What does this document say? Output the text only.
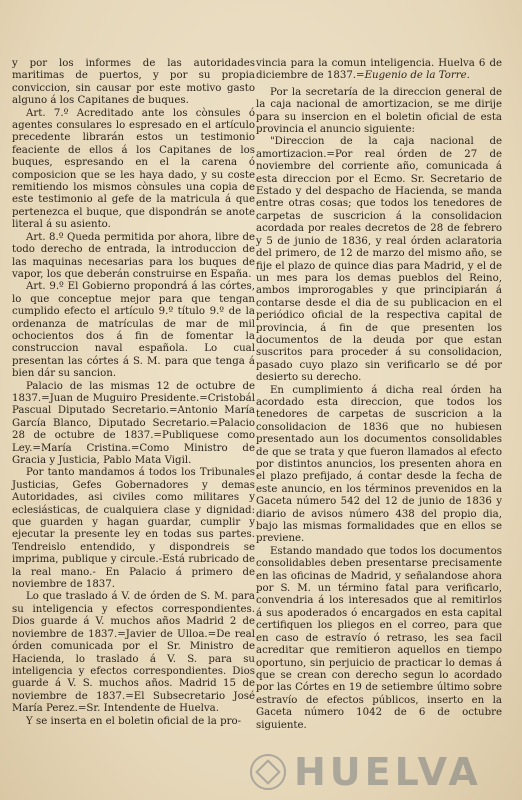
y por los informes de las autoridades maritimas de puertos, y por su propia conviccion, sin causar por este motivo gasto alguno á los Capitanes de buques.

Art. 7.º Acreditado ante los cònsules ó agentes consulares lo espresado en el artículo precedente librarán estos un testimonio feaciente de ellos á los Capitanes de los buques, espresando en el la carena ó composicion que se les haya dado, y su coste remitiendo los mismos cònsules una copia de este testimonio al gefe de la matricula á que pertenezca el buque, que dispondrán se anote literal á su asiento.

Art. 8.º Queda permitida por ahora, libre de todo derecho de entrada, la introduccion de las maquinas necesarias para los buques de vapor, los que deberán construirse en España.

Art. 9.º El Gobierno propondrá á las córtes, lo que conceptue mejor para que tengan cumplido efecto el artículo 9.º título 9.º de la ordenanza de matrículas de mar de mil ochocientos dos á fin de fomentar la construccion naval española. Lo cual presentan las córtes á S. M. para que tenga á bien dár su sancion.

Palacio de las mismas 12 de octubre de 1837.=Juan de Muguiro Presidente.=Cristobál Pascual Diputado Secretario.=Antonio María García Blanco, Diputado Secretario.=Palacio 28 de octubre de 1837.=Publiquese como Ley.=María Cristina.=Como Ministro de Gracia y Justicia, Pablo Mata Vigil.

Por tanto mandamos á todos los Tribunales Justicias, Gefes Gobernadores y demas Autoridades, asi civiles como militares y eclesiásticas, de cualquiera clase y dignidad: que guarden y hagan guardar, cumplir y ejecutar la presente ley en todas sus partes. Tendreislo entendido, y dispondreis se imprima, publique y circule.-Está rubricado de la real mano.- En Palacio á primero de noviembre de 1837.

Lo que traslado á V. de órden de S. M. para su inteligencia y efectos correspondientes. Dios guarde á V. muchos años Madrid 2 de noviembre de 1837.=Javier de Ulloa.=De real órden comunicada por el Sr. Ministro de Hacienda, lo traslado á V. S. para su inteligencia y efectos correspondientes. Dios guarde á V. S. muchos años. Madrid 15 de noviembre de 1837.=El Subsecretario José María Perez.=Sr. Intendente de Huelva.

Y se inserta en el boletin oficial de la pro-

vincia para la comun inteligencia. Huelva 6 de diciembre de 1837.=Eugenio de la Torre.

Por la secretaría de la direccion general de la caja nacional de amortizacion, se me dirije para su insercion en el boletin oficial de esta provincia el anuncio siguiente:

"Direccion de la caja nacional de amortizacion.=Por real órden de 27 de noviembre del corriente año, comunicada á esta direccion por el Ecmo. Sr. Secretario de Estado y del despacho de Hacienda, se manda entre otras cosas; que todos los tenedores de carpetas de suscricion á la consolidacion acordada por reales decretos de 28 de febrero y 5 de junio de 1836, y real órden aclaratoria del primero, de 12 de marzo del mismo año, se fije el plazo de quince dias para Madrid, y el de un mes para los demas pueblos del Reino, ambos improrogables y que principiarán á contarse desde el dia de su publicacion en el periódico oficial de la respectiva capital de provincia, á fin de que presenten los documentos de la deuda por que estan suscritos para proceder á su consolidacion, pasado cuyo plazo sin verificarlo se dé por desierto su derecho.

En cumplimiento á dicha real órden ha acordado esta direccion, que todos los tenedores de carpetas de suscricion a la consolidacion de 1836 que no hubiesen presentado aun los documentos consolidables de que se trata y que fueron llamados al efecto por distintos anuncios, los presenten ahora en el plazo prefijado, á contar desde la fecha de este anuncio, en los términos prevenidos en la Gaceta número 542 del 12 de junio de 1836 y diario de avisos número 438 del propio dia, bajo las mismas formalidades que en ellos se previene.

Estando mandado que todos los documentos consolidables deben presentarse precisamente en las oficinas de Madrid, y señalandose ahora por S. M. un término fatal para verificarlo, convendria á los interesados que al remitirlos á sus apoderados ó encargados en esta capital certifiquen los pliegos en el correo, para que en caso de estravío ó retraso, les sea facil acreditar que remitieron aquellos en tiempo oportuno, sin perjuicio de practicar lo demas á que se crean con derecho segun lo acordado por las Córtes en 19 de setiembre último sobre estravío de efectos públicos, inserto en la Gaceta número 1042 de 6 de octubre siguiente.

HUELVA
